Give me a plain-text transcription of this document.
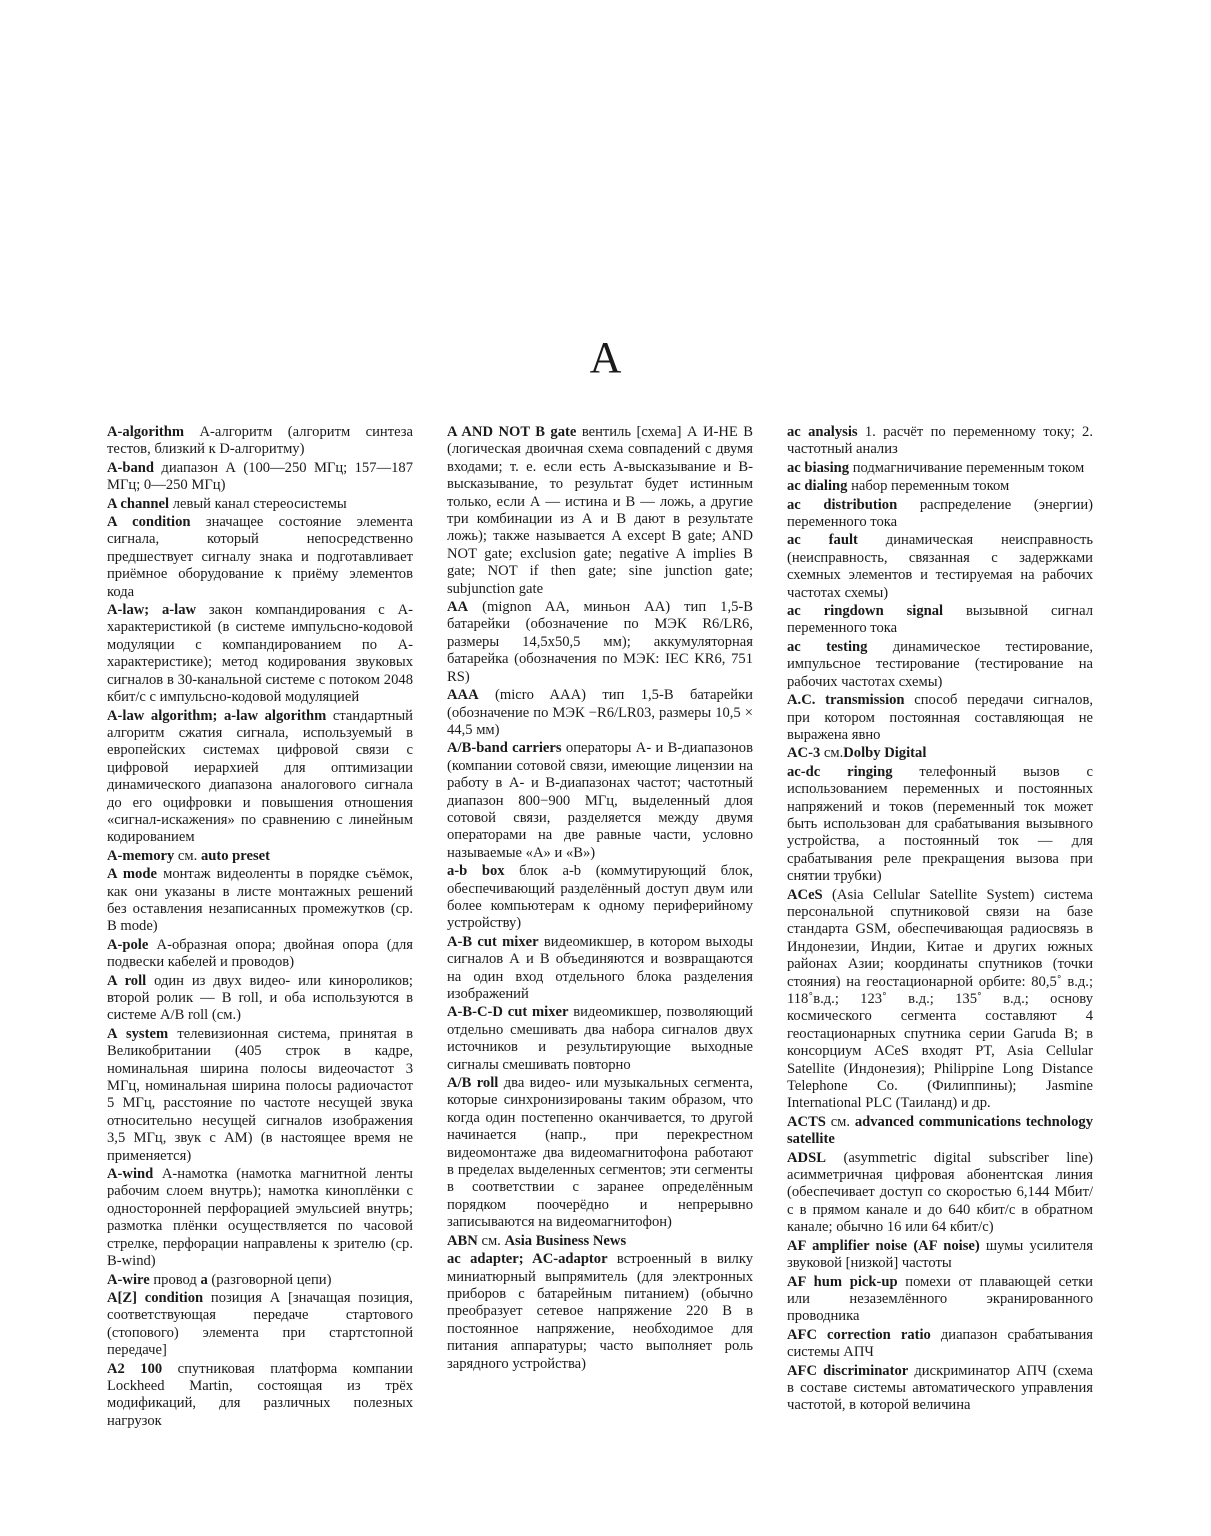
A
A-algorithm А-алгоритм (алгоритм синтеза тестов, близкий к D-алгоритму)
A-band диапазон А (100—250 МГц; 157—187 МГц; 0—250 МГц)
A channel левый канал стереосистемы
A condition значащее состояние элемента сигнала, который непосредственно предшествует сигналу знака и подготавливает приёмное оборудование к приёму элементов кода
A-law; a-law закон компандирования с А-характеристикой (в системе импульсно-кодовой модуляции с компандированием по А-характеристике); метод кодирования звуковых сигналов в 30-канальной системе с потоком 2048 кбит/с с импульсно-кодовой модуляцией
A-law algorithm; a-law algorithm стандартный алгоритм сжатия сигнала, используемый в европейских системах цифровой связи с цифровой иерархией для оптимизации динамического диапазона аналогового сигнала до его оцифровки и повышения отношения «сигнал-искажения» по сравнению с линейным кодированием
A-memory см. auto preset
A mode монтаж видеоленты в порядке съёмок, как они указаны в листе монтажных решений без оставления незаписанных промежутков (ср. B mode)
A-pole А-образная опора; двойная опора (для подвески кабелей и проводов)
A roll один из двух видео- или кинороликов; второй ролик — B roll, и оба используются в системе A/B roll (см.)
A system телевизионная система, принятая в Великобритании (405 строк в кадре, номинальная ширина полосы видеочастот 3 МГц, номинальная ширина полосы радиочастот 5 МГц, расстояние по частоте несущей звука относительно несущей сигналов изображения 3,5 МГц, звук с АМ) (в настоящее время не применяется)
A-wind А-намотка (намотка магнитной ленты рабочим слоем внутрь); намотка киноплёнки с односторонней перфорацией эмульсией внутрь; размотка плёнки осуществляется по часовой стрелке, перфорации направлены к зрителю (ср. B-wind)
A-wire провод a (разговорной цепи)
A[Z] condition позиция А [значащая позиция, соответствующая передаче стартового (стопового) элемента при стартстопной передаче]
A2 100 спутниковая платформа компании Lockheed Martin, состоящая из трёх модификаций, для различных полезных нагрузок
A AND NOT B gate вентиль [схема] А И-НЕ В (логическая двоичная схема совпадений с двумя входами; т. е. если есть А-высказывание и В-высказывание, то результат будет истинным только, если А — истина и В — ложь, а другие три комбинации из А и В дают в результате ложь); также называется A except B gate; AND NOT gate; exclusion gate; negative A implies B gate; NOT if then gate; sine junction gate; subjunction gate
AA (mignon AA, миньон АА) тип 1,5-В батарейки (обозначение по МЭК R6/LR6, размеры 14,5x50,5 мм); аккумуляторная батарейка (обозначения по МЭК: IEC KR6, 751 RS)
AAA (micro AAA) тип 1,5-В батарейки (обозначение по МЭК −R6/LR03, размеры 10,5 × 44,5 мм)
A/B-band carriers операторы А- и В-диапазонов (компании сотовой связи, имеющие лицензии на работу в А- и В-диапазонах частот; частотный диапазон 800−900 МГц, выделенный длоя сотовой связи, разделяется между двумя операторами на две равные части, условно называемые «А» и «В»)
a-b box блок a-b (коммутирующий блок, обеспечивающий разделённый доступ двум или более компьютерам к одному периферийному устройству)
A-B cut mixer видеомикшер, в котором выходы сигналов А и В объединяются и возвращаются на один вход отдельного блока разделения изображений
A-B-C-D cut mixer видеомикшер, позволяющий отдельно смешивать два набора сигналов двух источников и результирующие выходные сигналы смешивать повторно
A/B roll два видео- или музыкальных сегмента, которые синхронизированы таким образом, что когда один постепенно оканчивается, то другой начинается (напр., при перекрестном видеомонтаже два видеомагнитофона работают в пределах выделенных сегментов; эти сегменты в соответствии с заранее определённым порядком поочерёдно и непрерывно записываются на видеомагнитофон)
ABN см. Asia Business News
ac adapter; AC-adaptor встроенный в вилку миниатюрный выпрямитель (для электронных приборов с батарейным питанием) (обычно преобразует сетевое напряжение 220 В в постоянное напряжение, необходимое для питания аппаратуры; часто выполняет роль зарядного устройства)
ac analysis 1. расчёт по переменному току; 2. частотный анализ
ac biasing подмагничивание переменным током
ac dialing набор переменным током
ac distribution распределение (энергии) переменного тока
ac fault динамическая неисправность (неисправность, связанная с задержками схемных элементов и тестируемая на рабочих частотах схемы)
ac ringdown signal вызывной сигнал переменного тока
ac testing динамическое тестирование, импульсное тестирование (тестирование на рабочих частотах схемы)
A.C. transmission способ передачи сигналов, при котором постоянная составляющая не выражена явно
AC-3 см.Dolby Digital
ac-dc ringing телефонный вызов с использованием переменных и постоянных напряжений и токов (переменный ток может быть использован для срабатывания вызывного устройства, а постоянный ток — для срабатывания реле прекращения вызова при снятии трубки)
ACeS (Asia Cellular Satellite System) система персональной спутниковой связи на базе стандарта GSM, обеспечивающая радиосвязь в Индонезии, Индии, Китае и других южных районах Азии; координаты спутников (точки стояния) на геостационарной орбите: 80,5˚ в.д.; 118˚в.д.; 123˚ в.д.; 135˚ в.д.; основу космического сегмента составляют 4 геостационарных спутника серии Garuda B; в консорциум ACeS входят PT, Asia Cellular Satellite (Индонезия); Philippine Long Distance Telephone Co. (Филиппины); Jasmine International PLC (Таиланд) и др.
ACTS см. advanced communications technology satellite
ADSL (asymmetric digital subscriber line) асимметричная цифровая абонентская линия (обеспечивает доступ со скоростью 6,144 Мбит/с в прямом канале и до 640 кбит/с в обратном канале; обычно 16 или 64 кбит/с)
AF amplifier noise (AF noise) шумы усилителя звуковой [низкой] частоты
AF hum pick-up помехи от плавающей сетки или незаземлённого экранированного проводника
AFC correction ratio диапазон срабатывания системы АПЧ
AFC discriminator дискриминатор АПЧ (схема в составе системы автоматического управления частотой, в которой величина
